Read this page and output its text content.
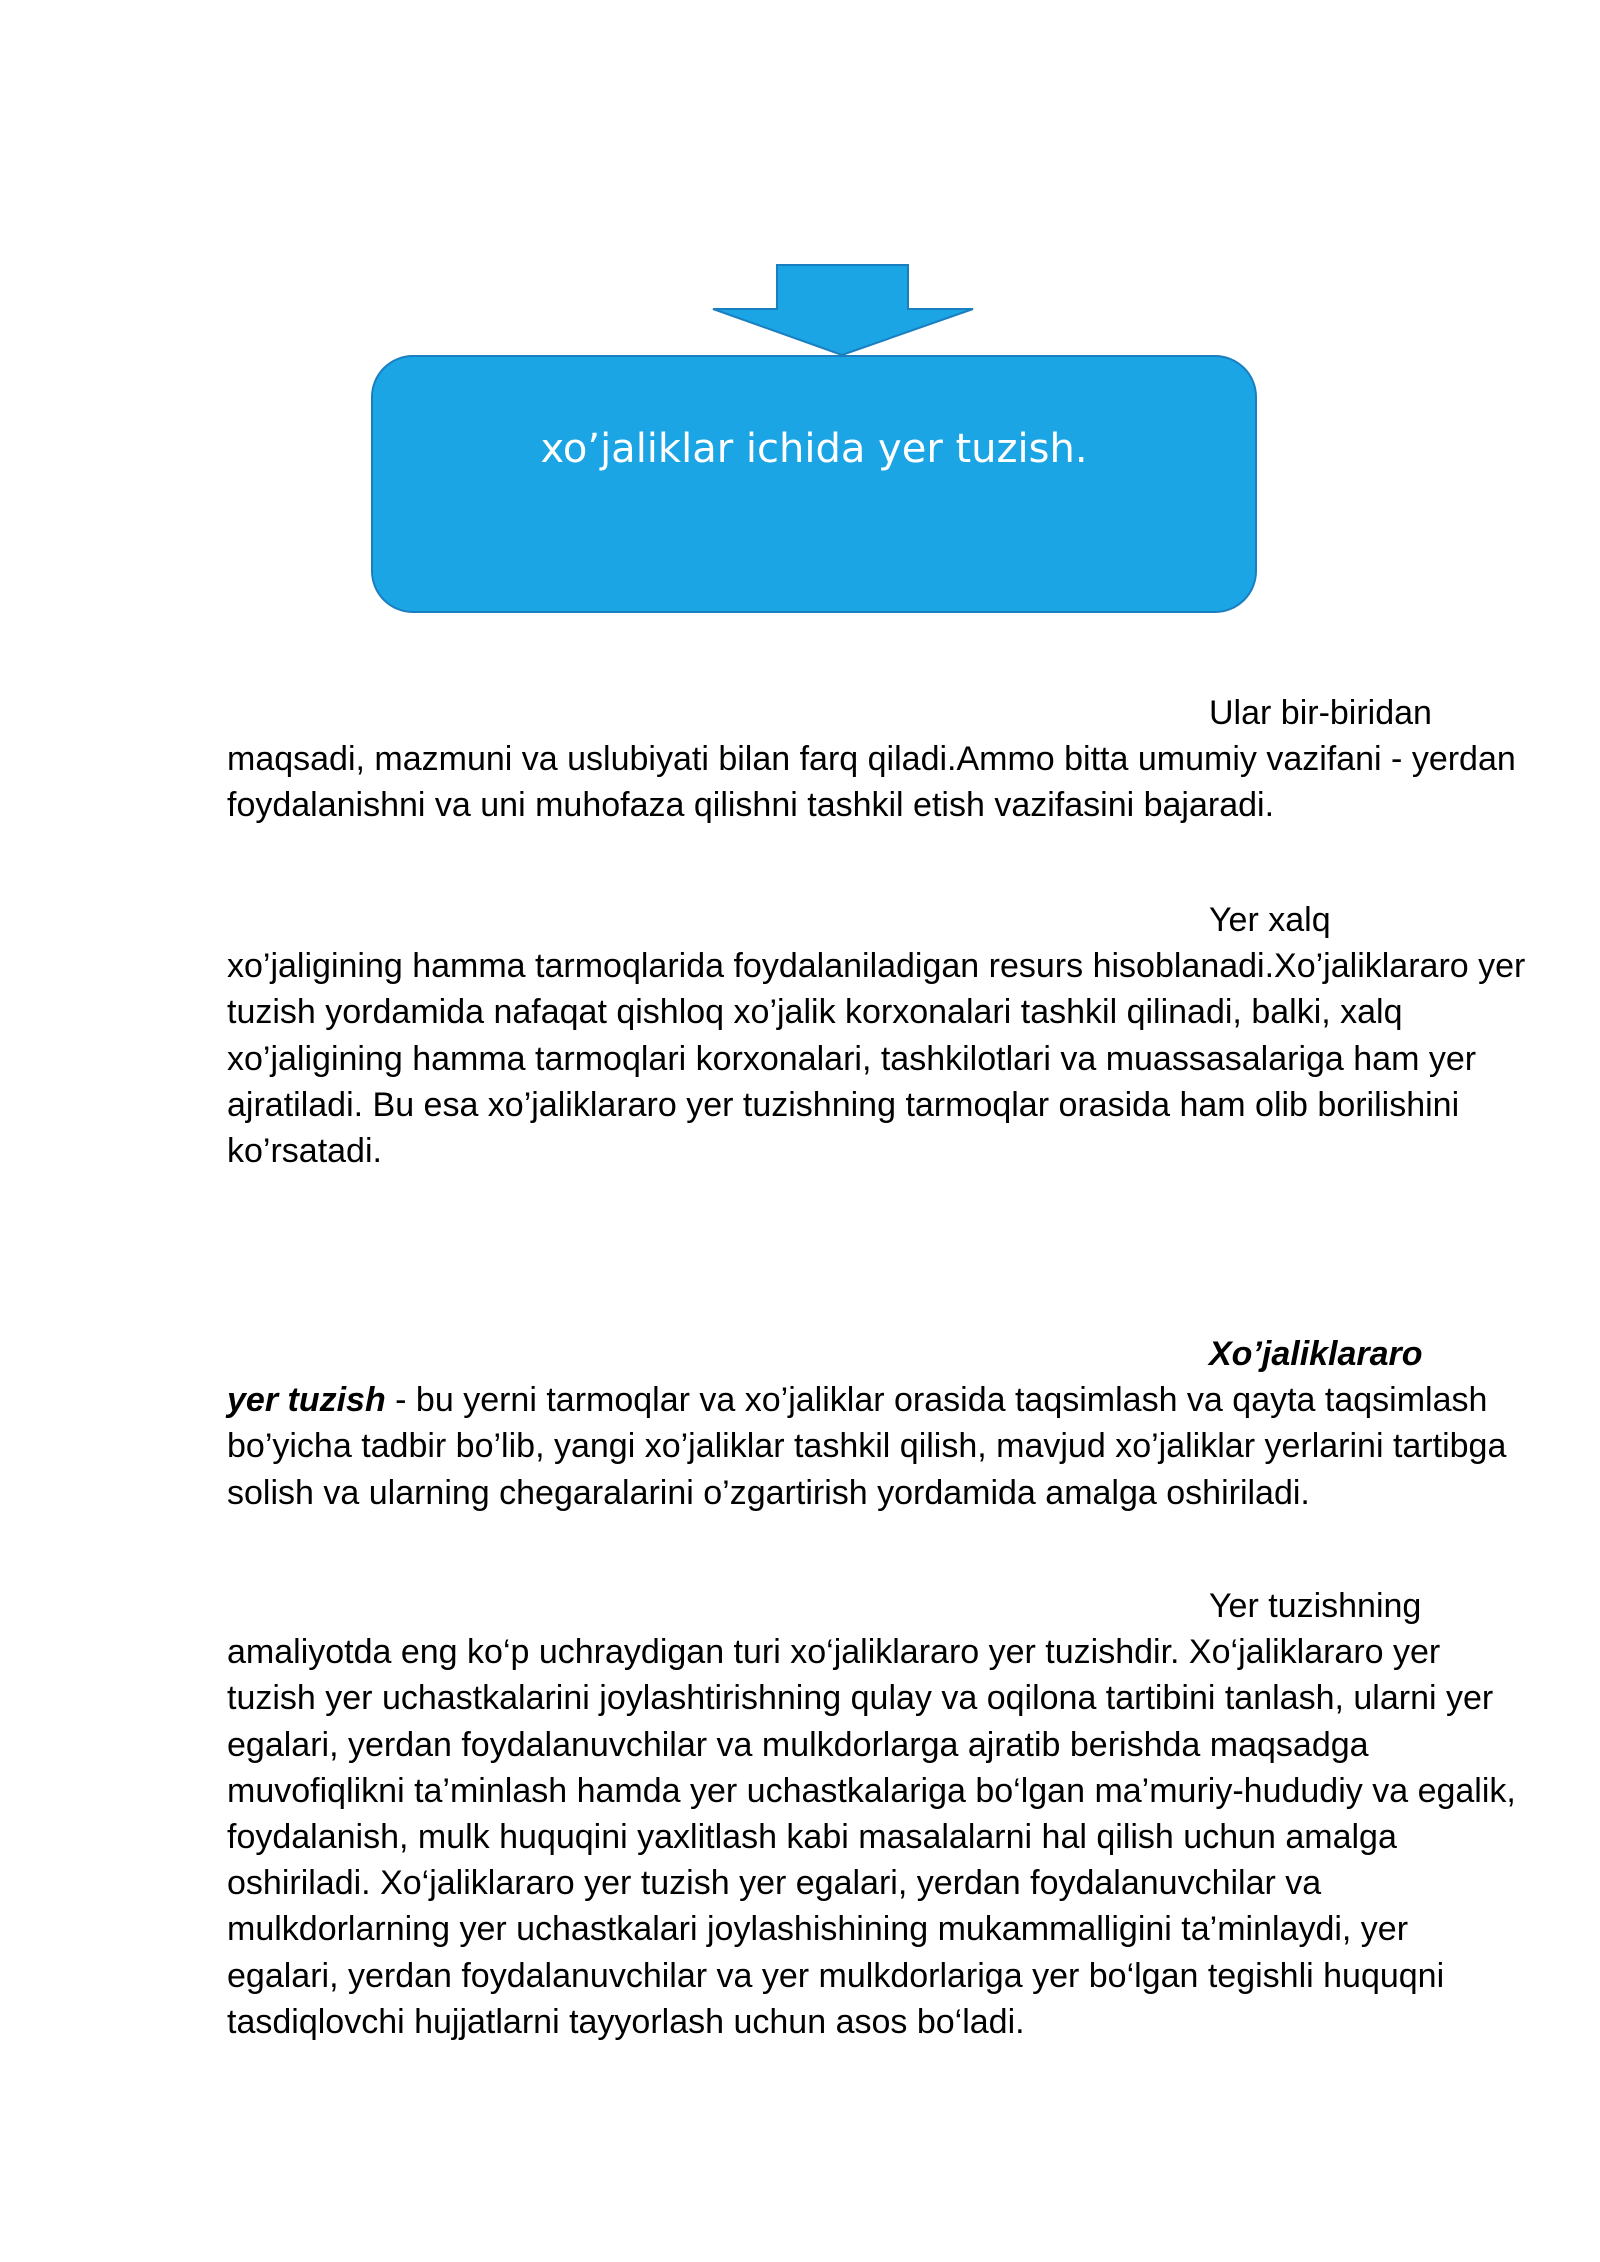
xo’jaliklar ichida yer tuzish.

Ular bir-biridan
maqsadi, mazmuni va uslubiyati bilan farq qiladi.Ammo bitta umumiy vazifani - yerdan foydalanishni va uni muhofaza qilishni tashkil etish vazifasini bajaradi.

Yer xalq
xo’jaligining hamma tarmoqlarida foydalaniladigan resurs hisoblanadi.Xo’jaliklararo yer tuzish yordamida nafaqat qishloq xo’jalik korxonalari tashkil qilinadi, balki, xalq xo’jaligining hamma tarmoqlari korxonalari, tashkilotlari va muassasalariga ham yer ajratiladi. Bu esa xo’jaliklararo yer tuzishning tarmoqlar orasida ham olib borilishini ko’rsatadi.

Xo’jaliklararo
yer tuzish - bu yerni tarmoqlar va xo’jaliklar orasida taqsimlash va qayta taqsimlash bo’yicha tadbir bo’lib, yangi xo’jaliklar tashkil qilish, mavjud xo’jaliklar yerlarini tartibga solish va ularning chegaralarini o’zgartirish yordamida amalga oshiriladi.

Yer tuzishning
amaliyotda eng ko‘p uchraydigan turi xo‘jaliklararo yer tuzishdir. Xo‘jaliklararo yer tuzish yer uchastkalarini joylashtirishning qulay va oqilona tartibini tanlash, ularni yer egalari, yerdan foydalanuvchilar va mulkdorlarga ajratib berishda maqsadga muvofiqlikni ta’minlash hamda yer uchastkalariga bo‘lgan ma’muriy-hududiy va egalik, foydalanish, mulk huquqini yaxlitlash kabi masalalarni hal qilish uchun amalga oshiriladi. Xo‘jaliklararo yer tuzish yer egalari, yerdan foydalanuvchilar va mulkdorlarning yer uchastkalari joylashishining mukammalligini ta’minlaydi, yer egalari, yerdan foydalanuvchilar va yer mulkdorlariga yer bo‘lgan tegishli huquqni tasdiqlovchi hujjatlarni tayyorlash uchun asos bo‘ladi.
